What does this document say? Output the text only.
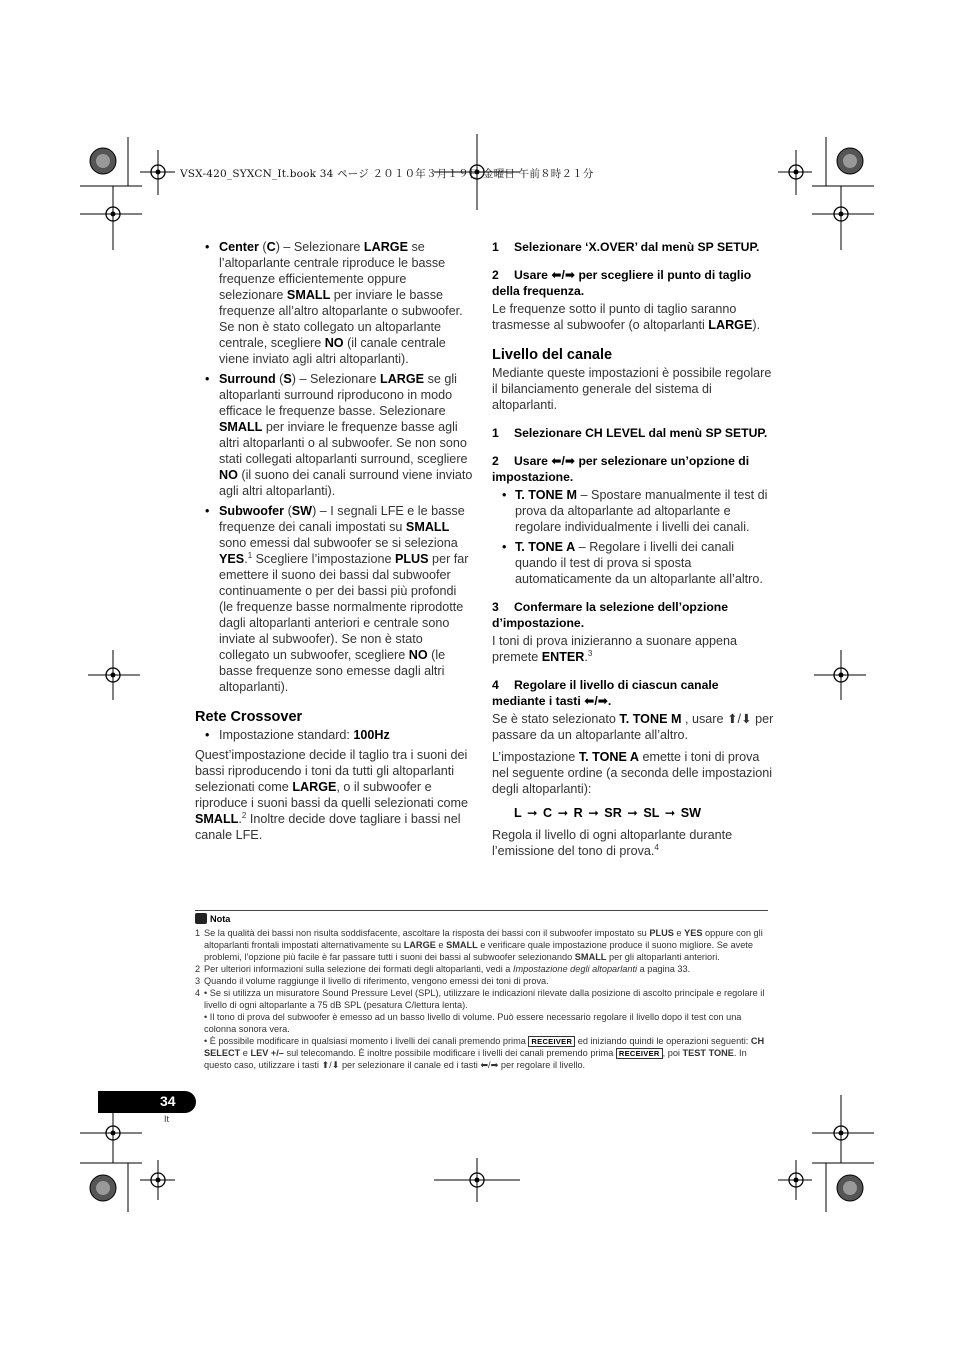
VSX-420_SYXCN_It.book 34 ページ ２０１０年３月１９日 金曜日 午前８時２１分
• Center (C) – Selezionare LARGE se l’altoparlante centrale riproduce le basse frequenze efficientemente oppure selezionare SMALL per inviare le basse frequenze all’altro altoparlante o subwoofer. Se non è stato collegato un altoparlante centrale, scegliere NO (il canale centrale viene inviato agli altri altoparlanti).
• Surround (S) – Selezionare LARGE se gli altoparlanti surround riproducono in modo efficace le frequenze basse. Selezionare SMALL per inviare le frequenze basse agli altri altoparlanti o al subwoofer. Se non sono stati collegati altoparlanti surround, scegliere NO (il suono dei canali surround viene inviato agli altri altoparlanti).
• Subwoofer (SW) – I segnali LFE e le basse frequenze dei canali impostati su SMALL sono emessi dal subwoofer se si seleziona YES.$^1$ Scegliere l’impostazione PLUS per far emettere il suono dei bassi dal subwoofer continuamente o per dei bassi più profondi (le frequenze basse normalmente riprodotte dagli altoparlanti anteriori e centrale sono inviate al subwoofer). Se non è stato collegato un subwoofer, scegliere NO (le basse frequenze sono emesse dagli altri altoparlanti).
Rete Crossover
• Impostazione standard: 100Hz

Quest’impostazione decide il taglio tra i suoni dei bassi riproducendo i toni da tutti gli altoparlanti selezionati come LARGE, o il subwoofer e riproduce i suoni bassi da quelli selezionati come SMALL.$^2$ Inoltre decide dove tagliare i bassi nel canale LFE.

1 Selezionare ‘X.OVER’ dal menù SP SETUP.
2 Usare ⬅/➡ per scegliere il punto di taglio della frequenza.

Le frequenze sotto il punto di taglio saranno trasmesse al subwoofer (o altoparlanti LARGE).

Livello del canale

Mediante queste impostazioni è possibile regolare il bilanciamento generale del sistema di altoparlanti.

1 Selezionare CH LEVEL dal menù SP SETUP.
2 Usare ⬅/➡ per selezionare un’opzione di impostazione.
• T. TONE M – Spostare manualmente il test di prova da altoparlante ad altoparlante e regolare individualmente i livelli dei canali.
• T. TONE A – Regolare i livelli dei canali quando il test di prova si sposta automaticamente da un altoparlante all’altro.
3 Confermare la selezione dell’opzione d’impostazione.

I toni di prova inizieranno a suonare appena premete ENTER.$^3$

4 Regolare il livello di ciascun canale mediante i tasti ⬅/➡.

Se è stato selezionato T. TONE M , usare ⬆/⬇ per passare da un altoparlante all’altro.

L’impostazione T. TONE A emette i toni di prova nel seguente ordine (a seconda delle impostazioni degli altoparlanti):

L ➞ C ➞ R ➞ SR ➞ SL ➞ SW

Regola il livello di ogni altoparlante durante l’emissione del tono di prova.$^4$

Nota

1 Se la qualità dei bassi non risulta soddisfacente, ascoltare la risposta dei bassi con il subwoofer impostato su PLUS e YES oppure con gli altoparlanti frontali impostati alternativamente su LARGE e SMALL e verificare quale impostazione produce il suono migliore. Se avete problemi, l’opzione più facile è far passare tutti i suoni dei bassi al subwoofer selezionando SMALL per gli altoparlanti anteriori.

2 Per ulteriori informazioni sulla selezione dei formati degli altoparlanti, vedi a Impostazione degli altoparlanti a pagina 33.

3 Quando il volume raggiunge il livello di riferimento, vengono emessi dei toni di prova.

4 • Se si utilizza un misuratore Sound Pressure Level (SPL), utilizzare le indicazioni rilevate dalla posizione di ascolto principale e regolare il livello di ogni altoparlante a 75 dB SPL (pesatura C/lettura lenta).
• Il tono di prova del subwoofer è emesso ad un basso livello di volume. Può essere necessario regolare il livello dopo il test con una colonna sonora vera.
• È possibile modificare in qualsiasi momento i livelli dei canali premendo prima RECEIVER ed iniziando quindi le operazioni seguenti: CH SELECT e LEV +/– sul telecomando. È inoltre possibile modificare i livelli dei canali premendo prima RECEIVER , poi TEST TONE. In questo caso, utilizzare i tasti ⬆/⬇ per selezionare il canale ed i tasti ⬅/➡ per regolare il livello.
34
It
